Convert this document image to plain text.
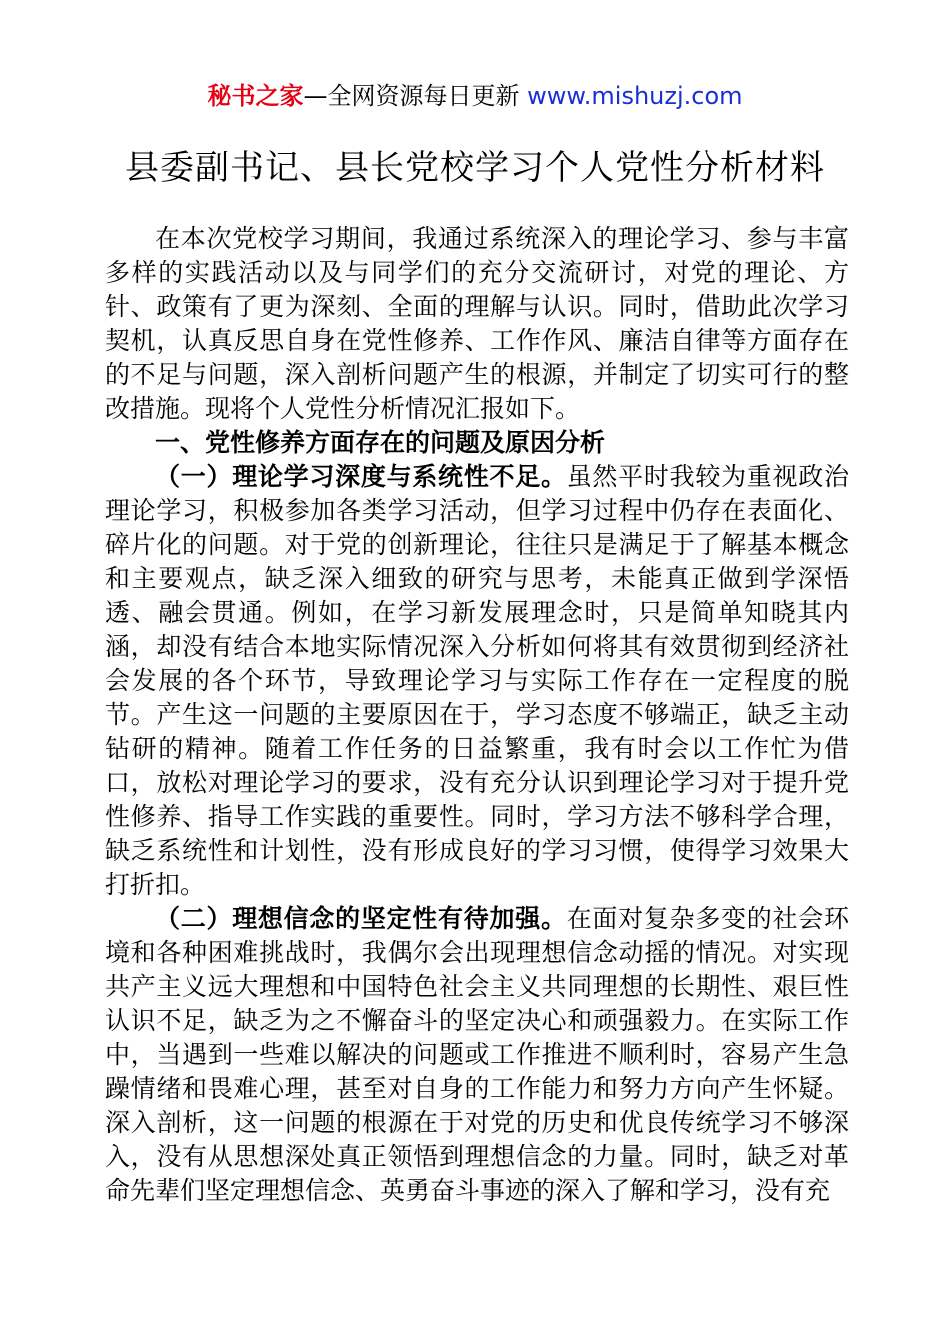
秘书之家—全网资源每日更新 www.mishuzj.com
县委副书记、县长党校学习个人党性分析材料

在本次党校学习期间，我通过系统深入的理论学习、参与丰富多样的实践活动以及与同学们的充分交流研讨，对党的理论、方针、政策有了更为深刻、全面的理解与认识。同时，借助此次学习契机，认真反思自身在党性修养、工作作风、廉洁自律等方面存在的不足与问题，深入剖析问题产生的根源，并制定了切实可行的整改措施。现将个人党性分析情况汇报如下。

一、党性修养方面存在的问题及原因分析

（一）理论学习深度与系统性不足。虽然平时我较为重视政治理论学习，积极参加各类学习活动，但学习过程中仍存在表面化、碎片化的问题。对于党的创新理论，往往只是满足于了解基本概念和主要观点，缺乏深入细致的研究与思考，未能真正做到学深悟透、融会贯通。例如，在学习新发展理念时，只是简单知晓其内涵，却没有结合本地实际情况深入分析如何将其有效贯彻到经济社会发展的各个环节，导致理论学习与实际工作存在一定程度的脱节。产生这一问题的主要原因在于，学习态度不够端正，缺乏主动钻研的精神。随着工作任务的日益繁重，我有时会以工作忙为借口，放松对理论学习的要求，没有充分认识到理论学习对于提升党性修养、指导工作实践的重要性。同时，学习方法不够科学合理，缺乏系统性和计划性，没有形成良好的学习习惯，使得学习效果大打折扣。

（二）理想信念的坚定性有待加强。在面对复杂多变的社会环境和各种困难挑战时，我偶尔会出现理想信念动摇的情况。对实现共产主义远大理想和中国特色社会主义共同理想的长期性、艰巨性认识不足，缺乏为之不懈奋斗的坚定决心和顽强毅力。在实际工作中，当遇到一些难以解决的问题或工作推进不顺利时，容易产生急躁情绪和畏难心理，甚至对自身的工作能力和努力方向产生怀疑。深入剖析，这一问题的根源在于对党的历史和优良传统学习不够深入，没有从思想深处真正领悟到理想信念的力量。同时，缺乏对革命先辈们坚定理想信念、英勇奋斗事迹的深入了解和学习，没有充
